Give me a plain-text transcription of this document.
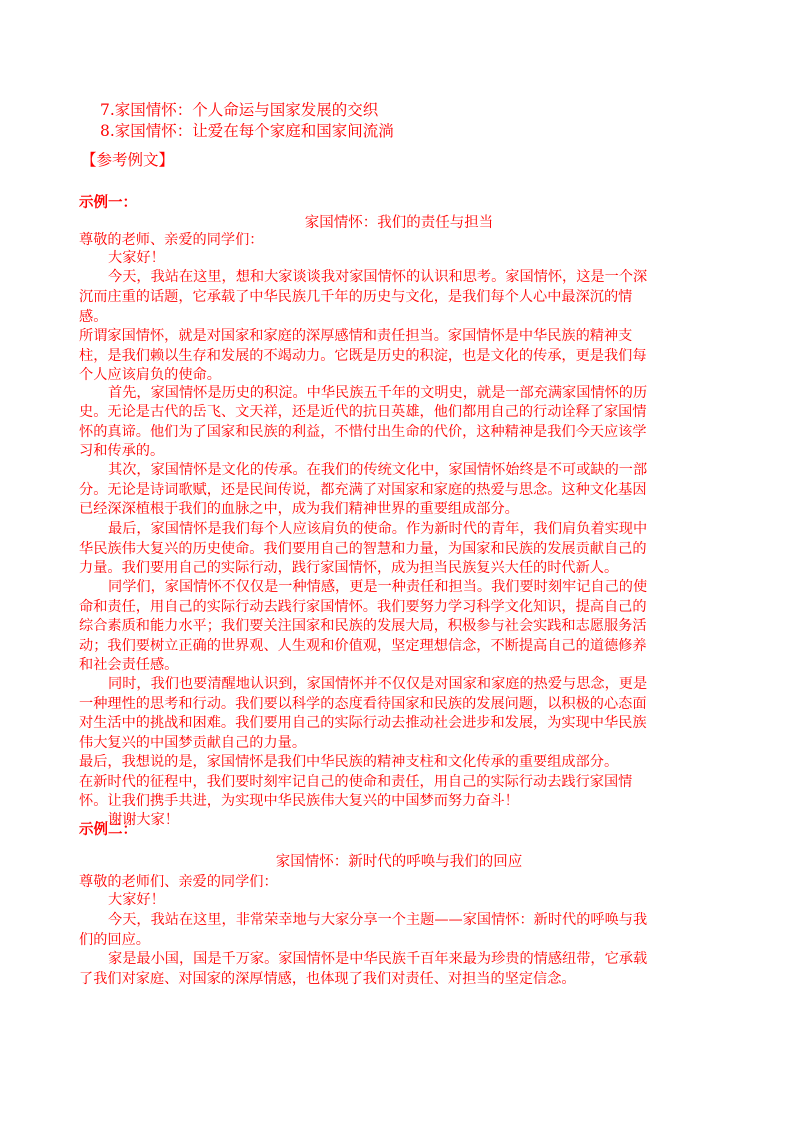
7.家国情怀：个人命运与国家发展的交织
8.家国情怀：让爱在每个家庭和国家间流淌
【参考例文】
示例一：
家国情怀：我们的责任与担当
尊敬的老师、亲爱的同学们：
大家好！
今天，我站在这里，想和大家谈谈我对家国情怀的认识和思考。家国情怀，这是一个深
沉而庄重的话题，它承载了中华民族几千年的历史与文化，是我们每个人心中最深沉的情
感。
所谓家国情怀，就是对国家和家庭的深厚感情和责任担当。家国情怀是中华民族的精神支
柱，是我们赖以生存和发展的不竭动力。它既是历史的积淀，也是文化的传承，更是我们每
个人应该肩负的使命。
首先，家国情怀是历史的积淀。中华民族五千年的文明史，就是一部充满家国情怀的历
史。无论是古代的岳飞、文天祥，还是近代的抗日英雄，他们都用自己的行动诠释了家国情
怀的真谛。他们为了国家和民族的利益，不惜付出生命的代价，这种精神是我们今天应该学
习和传承的。
其次，家国情怀是文化的传承。在我们的传统文化中，家国情怀始终是不可或缺的一部
分。无论是诗词歌赋，还是民间传说，都充满了对国家和家庭的热爱与思念。这种文化基因
已经深深植根于我们的血脉之中，成为我们精神世界的重要组成部分。
最后，家国情怀是我们每个人应该肩负的使命。作为新时代的青年，我们肩负着实现中
华民族伟大复兴的历史使命。我们要用自己的智慧和力量，为国家和民族的发展贡献自己的
力量。我们要用自己的实际行动，践行家国情怀，成为担当民族复兴大任的时代新人。
同学们，家国情怀不仅仅是一种情感，更是一种责任和担当。我们要时刻牢记自己的使
命和责任，用自己的实际行动去践行家国情怀。我们要努力学习科学文化知识，提高自己的
综合素质和能力水平；我们要关注国家和民族的发展大局，积极参与社会实践和志愿服务活
动；我们要树立正确的世界观、人生观和价值观，坚定理想信念，不断提高自己的道德修养
和社会责任感。
同时，我们也要清醒地认识到，家国情怀并不仅仅是对国家和家庭的热爱与思念，更是
一种理性的思考和行动。我们要以科学的态度看待国家和民族的发展问题，以积极的心态面
对生活中的挑战和困难。我们要用自己的实际行动去推动社会进步和发展，为实现中华民族
伟大复兴的中国梦贡献自己的力量。
最后，我想说的是，家国情怀是我们中华民族的精神支柱和文化传承的重要组成部分。
在新时代的征程中，我们要时刻牢记自己的使命和责任，用自己的实际行动去践行家国情
怀。让我们携手共进，为实现中华民族伟大复兴的中国梦而努力奋斗！
谢谢大家！
示例二：
家国情怀：新时代的呼唤与我们的回应
尊敬的老师们、亲爱的同学们：
大家好！
今天，我站在这里，非常荣幸地与大家分享一个主题——家国情怀：新时代的呼唤与我
们的回应。
家是最小国，国是千万家。家国情怀是中华民族千百年来最为珍贵的情感纽带，它承载
了我们对家庭、对国家的深厚情感，也体现了我们对责任、对担当的坚定信念。
